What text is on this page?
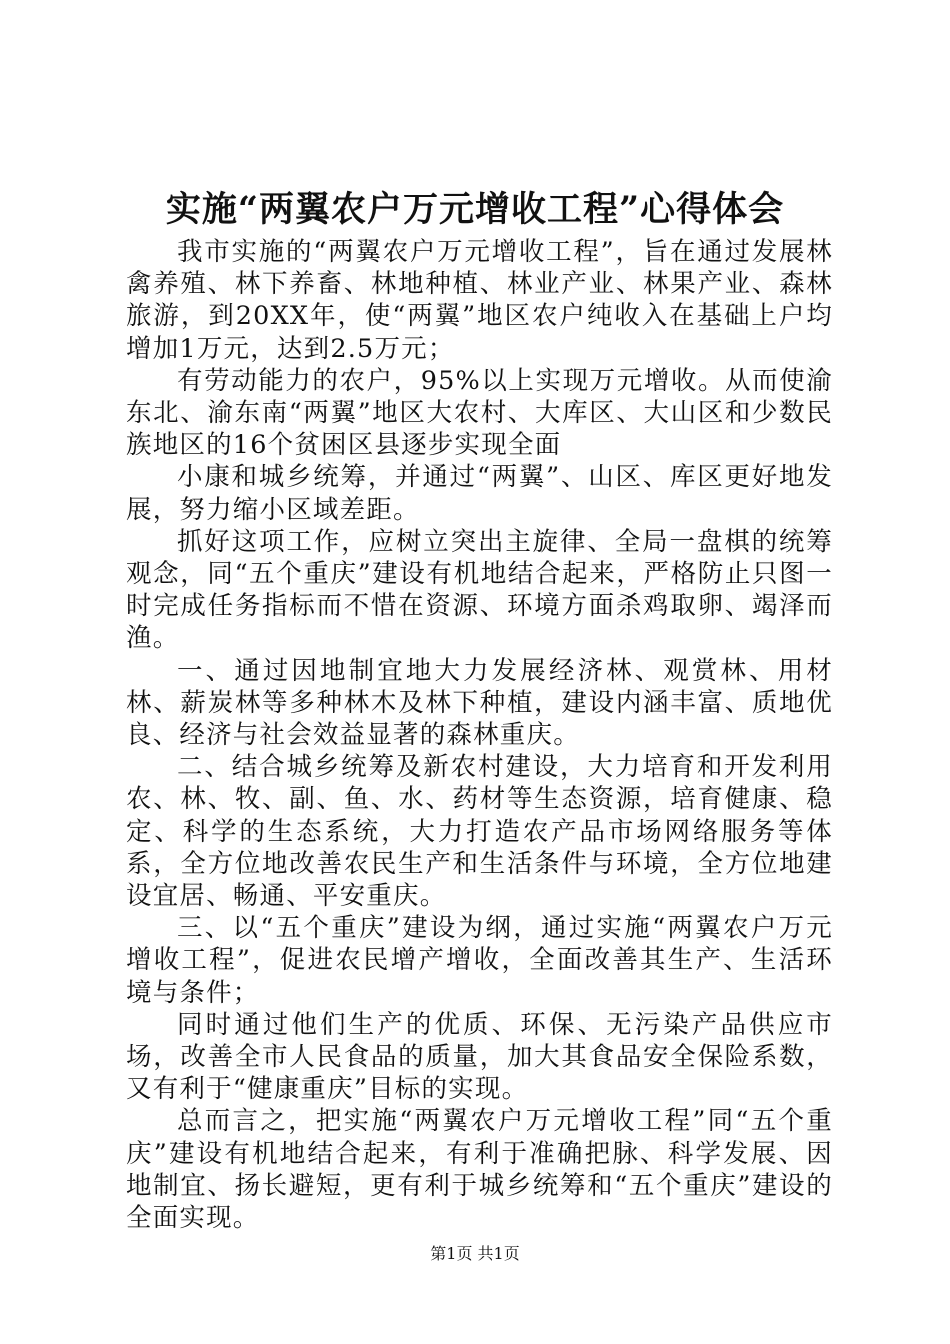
实施“两翼农户万元增收工程”心得体会

我市实施的“两翼农户万元增收工程”，旨在通过发展林禽养殖、林下养畜、林地种植、林业产业、林果产业、森林旅游，到20XX年，使“两翼”地区农户纯收入在基础上户均增加1万元，达到2.5万元；

有劳动能力的农户，95%以上实现万元增收。从而使渝东北、渝东南“两翼”地区大农村、大库区、大山区和少数民族地区的16个贫困区县逐步实现全面

小康和城乡统筹，并通过“两翼”、山区、库区更好地发展，努力缩小区域差距。

抓好这项工作，应树立突出主旋律、全局一盘棋的统筹观念，同“五个重庆”建设有机地结合起来，严格防止只图一时完成任务指标而不惜在资源、环境方面杀鸡取卵、竭泽而渔。

一、通过因地制宜地大力发展经济林、观赏林、用材林、薪炭林等多种林木及林下种植，建设内涵丰富、质地优良、经济与社会效益显著的森林重庆。

二、结合城乡统筹及新农村建设，大力培育和开发利用农、林、牧、副、鱼、水、药材等生态资源，培育健康、稳定、科学的生态系统，大力打造农产品市场网络服务等体系，全方位地改善农民生产和生活条件与环境，全方位地建设宜居、畅通、平安重庆。

三、以“五个重庆”建设为纲，通过实施“两翼农户万元增收工程”，促进农民增产增收，全面改善其生产、生活环境与条件；

同时通过他们生产的优质、环保、无污染产品供应市场，改善全市人民食品的质量，加大其食品安全保险系数，又有利于“健康重庆”目标的实现。

总而言之，把实施“两翼农户万元增收工程”同“五个重庆”建设有机地结合起来，有利于准确把脉、科学发展、因地制宜、扬长避短，更有利于城乡统筹和“五个重庆”建设的全面实现。

第1页 共1页
